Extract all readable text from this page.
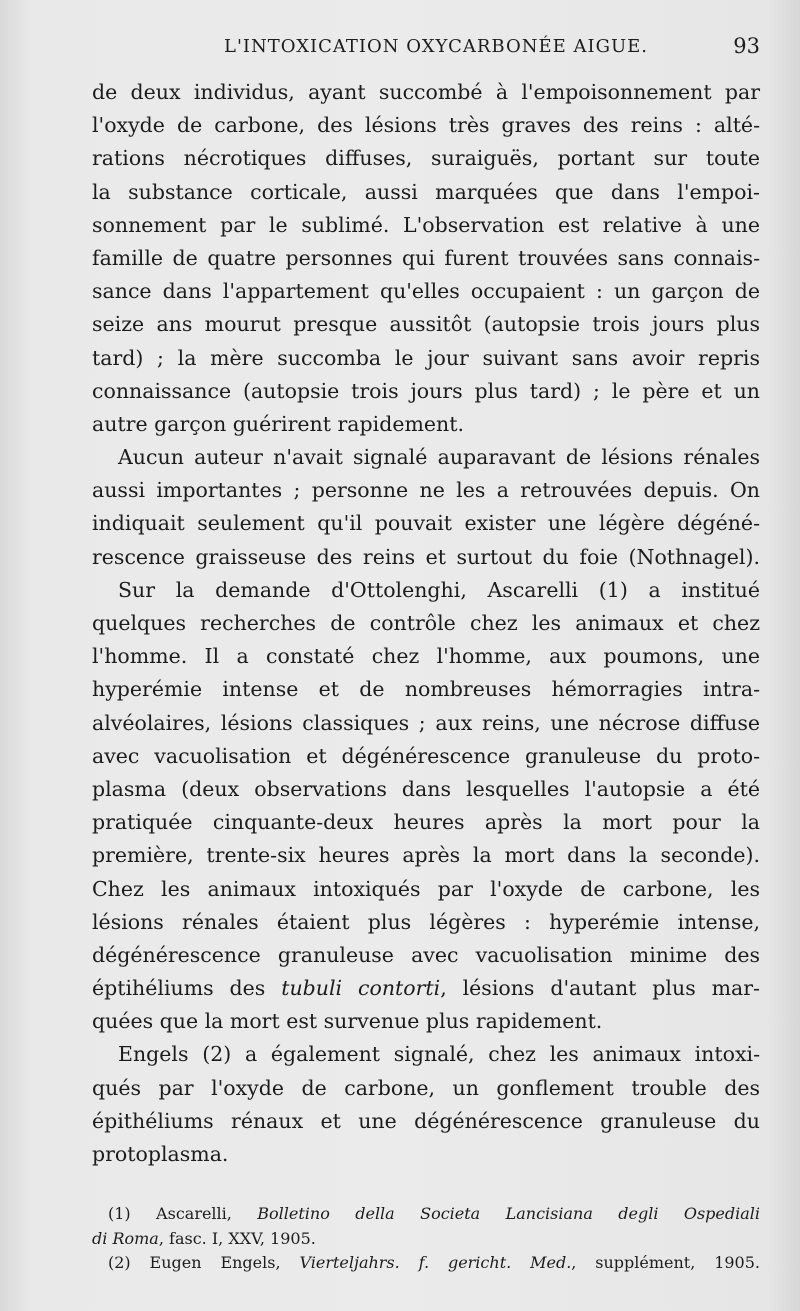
L'INTOXICATION OXYCARBONÉE AIGUE.	93
de deux individus, ayant succombé à l'empoisonnement par
l'oxyde de carbone, des lésions très graves des reins : alté-
rations nécrotiques diffuses, suraiguës, portant sur toute
la substance corticale, aussi marquées que dans l'empoi-
sonnement par le sublimé. L'observation est relative à une
famille de quatre personnes qui furent trouvées sans connais-
sance dans l'appartement qu'elles occupaient : un garçon de
seize ans mourut presque aussitôt (autopsie trois jours plus
tard) ; la mère succomba le jour suivant sans avoir repris
connaissance (autopsie trois jours plus tard) ; le père et un
autre garçon guérirent rapidement.
Aucun auteur n'avait signalé auparavant de lésions rénales
aussi importantes ; personne ne les a retrouvées depuis. On
indiquait seulement qu'il pouvait exister une légère dégéné-
rescence graisseuse des reins et surtout du foie (Nothnagel).
Sur la demande d'Ottolenghi, Ascarelli (1) a institué
quelques recherches de contrôle chez les animaux et chez
l'homme. Il a constaté chez l'homme, aux poumons, une
hyperémie intense et de nombreuses hémorragies intra-
alvéolaires, lésions classiques ; aux reins, une nécrose diffuse
avec vacuolisation et dégénérescence granuleuse du proto-
plasma (deux observations dans lesquelles l'autopsie a été
pratiquée cinquante-deux heures après la mort pour la
première, trente-six heures après la mort dans la seconde).
Chez les animaux intoxiqués par l'oxyde de carbone, les
lésions rénales étaient plus légères : hyperémie intense,
dégénérescence granuleuse avec vacuolisation minime des
éptihéliums des tubuli contorti, lésions d'autant plus mar-
quées que la mort est survenue plus rapidement.
Engels (2) a également signalé, chez les animaux intoxi-
qués par l'oxyde de carbone, un gonflement trouble des
épithéliums rénaux et une dégénérescence granuleuse du
protoplasma.
(1) Ascarelli, Bolletino della Societa Lancisiana degli Ospediali
di Roma, fasc. I, XXV, 1905.
(2) Eugen Engels, Vierteljahrs. f. gericht. Med., supplément, 1905.
